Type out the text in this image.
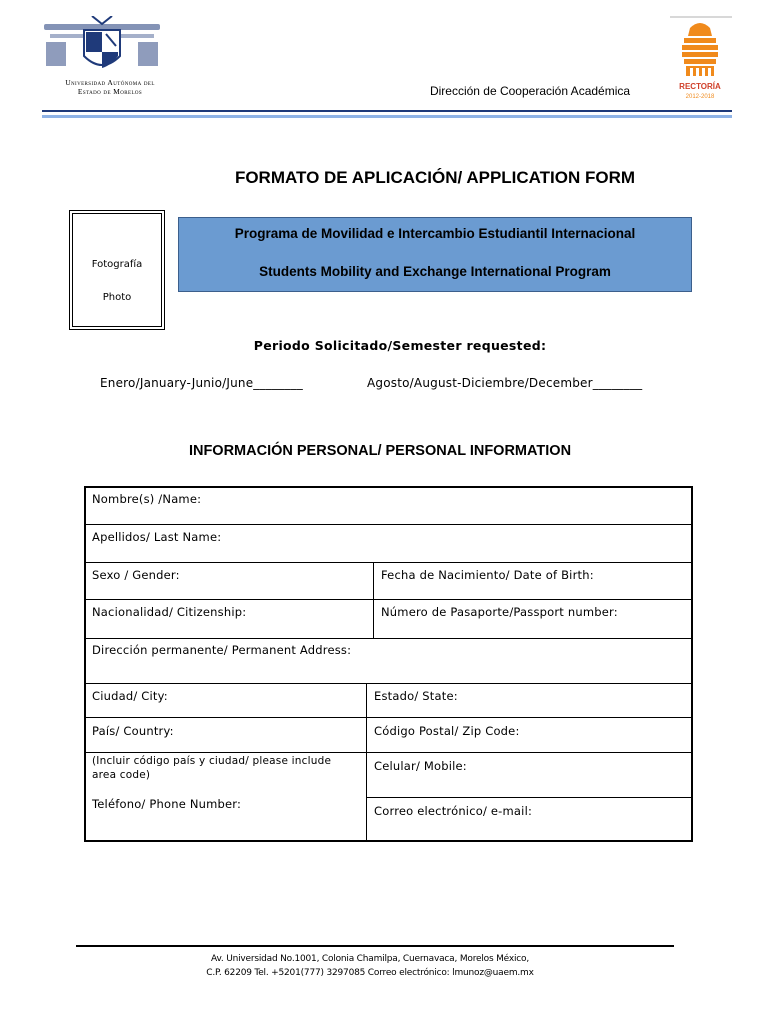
Universidad Autónoma del
Estado de Morelos	Dirección de Cooperación Académica	RECTORÍA
2012-2018
FORMATO DE APLICACIÓN/ APPLICATION FORM
Fotografía
Photo
Programa de Movilidad e Intercambio Estudiantil Internacional
Students Mobility and Exchange International Program
Periodo Solicitado/Semester requested:
Enero/January-Junio/June________	Agosto/August-Diciembre/December________
INFORMACIÓN PERSONAL/ PERSONAL INFORMATION
Nombre(s) /Name:
Apellidos/ Last Name:
Sexo / Gender:	Fecha de Nacimiento/ Date of Birth:
Nacionalidad/ Citizenship:	Número de Pasaporte/Passport number:
Dirección permanente/ Permanent Address:
Ciudad/ City:	Estado/ State:
País/ Country:	Código Postal/ Zip Code:
(Incluir código país y ciudad/ please include area code)
Teléfono/ Phone Number:
Celular/ Mobile:
Correo electrónico/ e-mail:
Av. Universidad No.1001, Colonia Chamilpa, Cuernavaca, Morelos México,
C.P. 62209 Tel. +5201(777) 3297085 Correo electrónico: lmunoz@uaem.mx
